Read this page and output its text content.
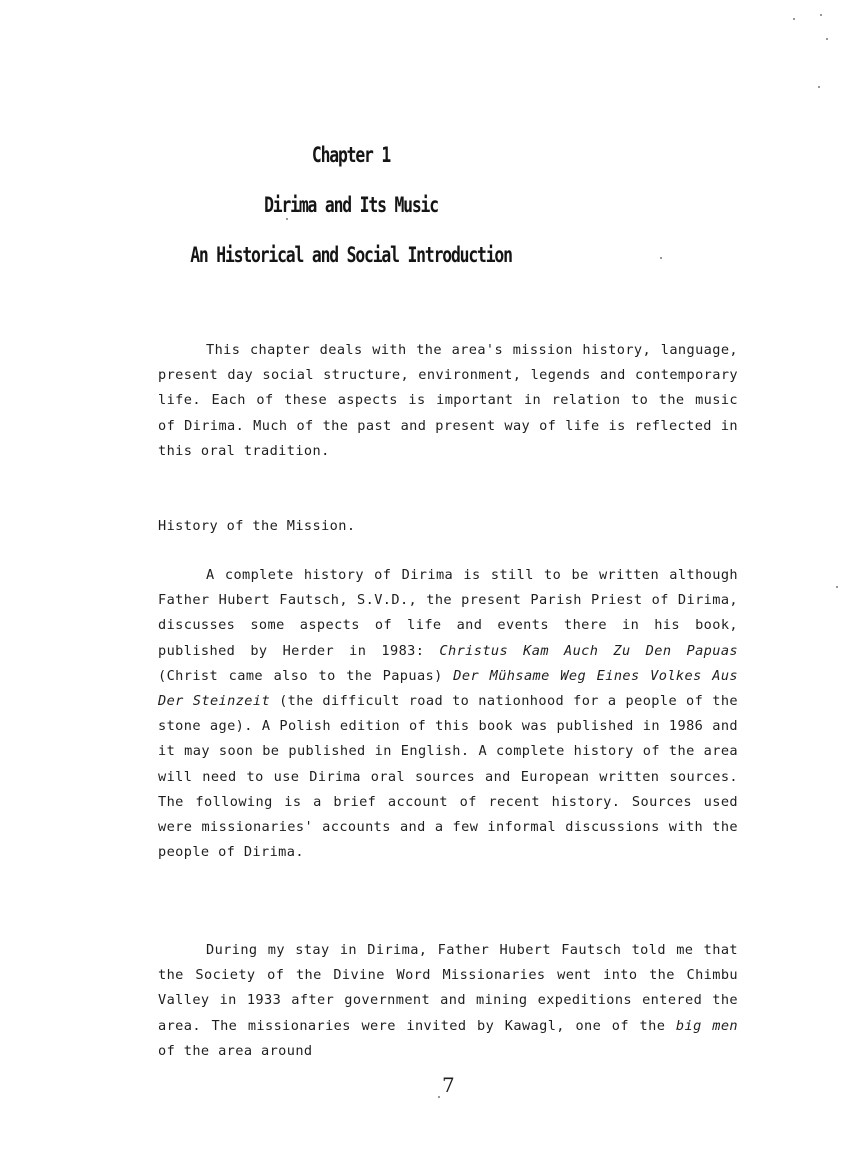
Chapter 1
Dirima and Its Music
An Historical and Social Introduction

This chapter deals with the area's mission history, language, present day social structure, environment, legends and contemporary life. Each of these aspects is important in relation to the music of Dirima. Much of the past and present way of life is reflected in this oral tradition.

History of the Mission.

A complete history of Dirima is still to be written although Father Hubert Fautsch, S.V.D., the present Parish Priest of Dirima, discusses some aspects of life and events there in his book, published by Herder in 1983: Christus Kam Auch Zu Den Papuas (Christ came also to the Papuas) Der Mühsame Weg Eines Volkes Aus Der Steinzeit (the difficult road to nationhood for a people of the stone age). A Polish edition of this book was published in 1986 and it may soon be published in English. A complete history of the area will need to use Dirima oral sources and European written sources. The following is a brief account of recent history. Sources used were missionaries' accounts and a few informal discussions with the people of Dirima.

During my stay in Dirima, Father Hubert Fautsch told me that the Society of the Divine Word Missionaries went into the Chimbu Valley in 1933 after government and mining expeditions entered the area. The missionaries were invited by Kawagl, one of the big men of the area around

7
